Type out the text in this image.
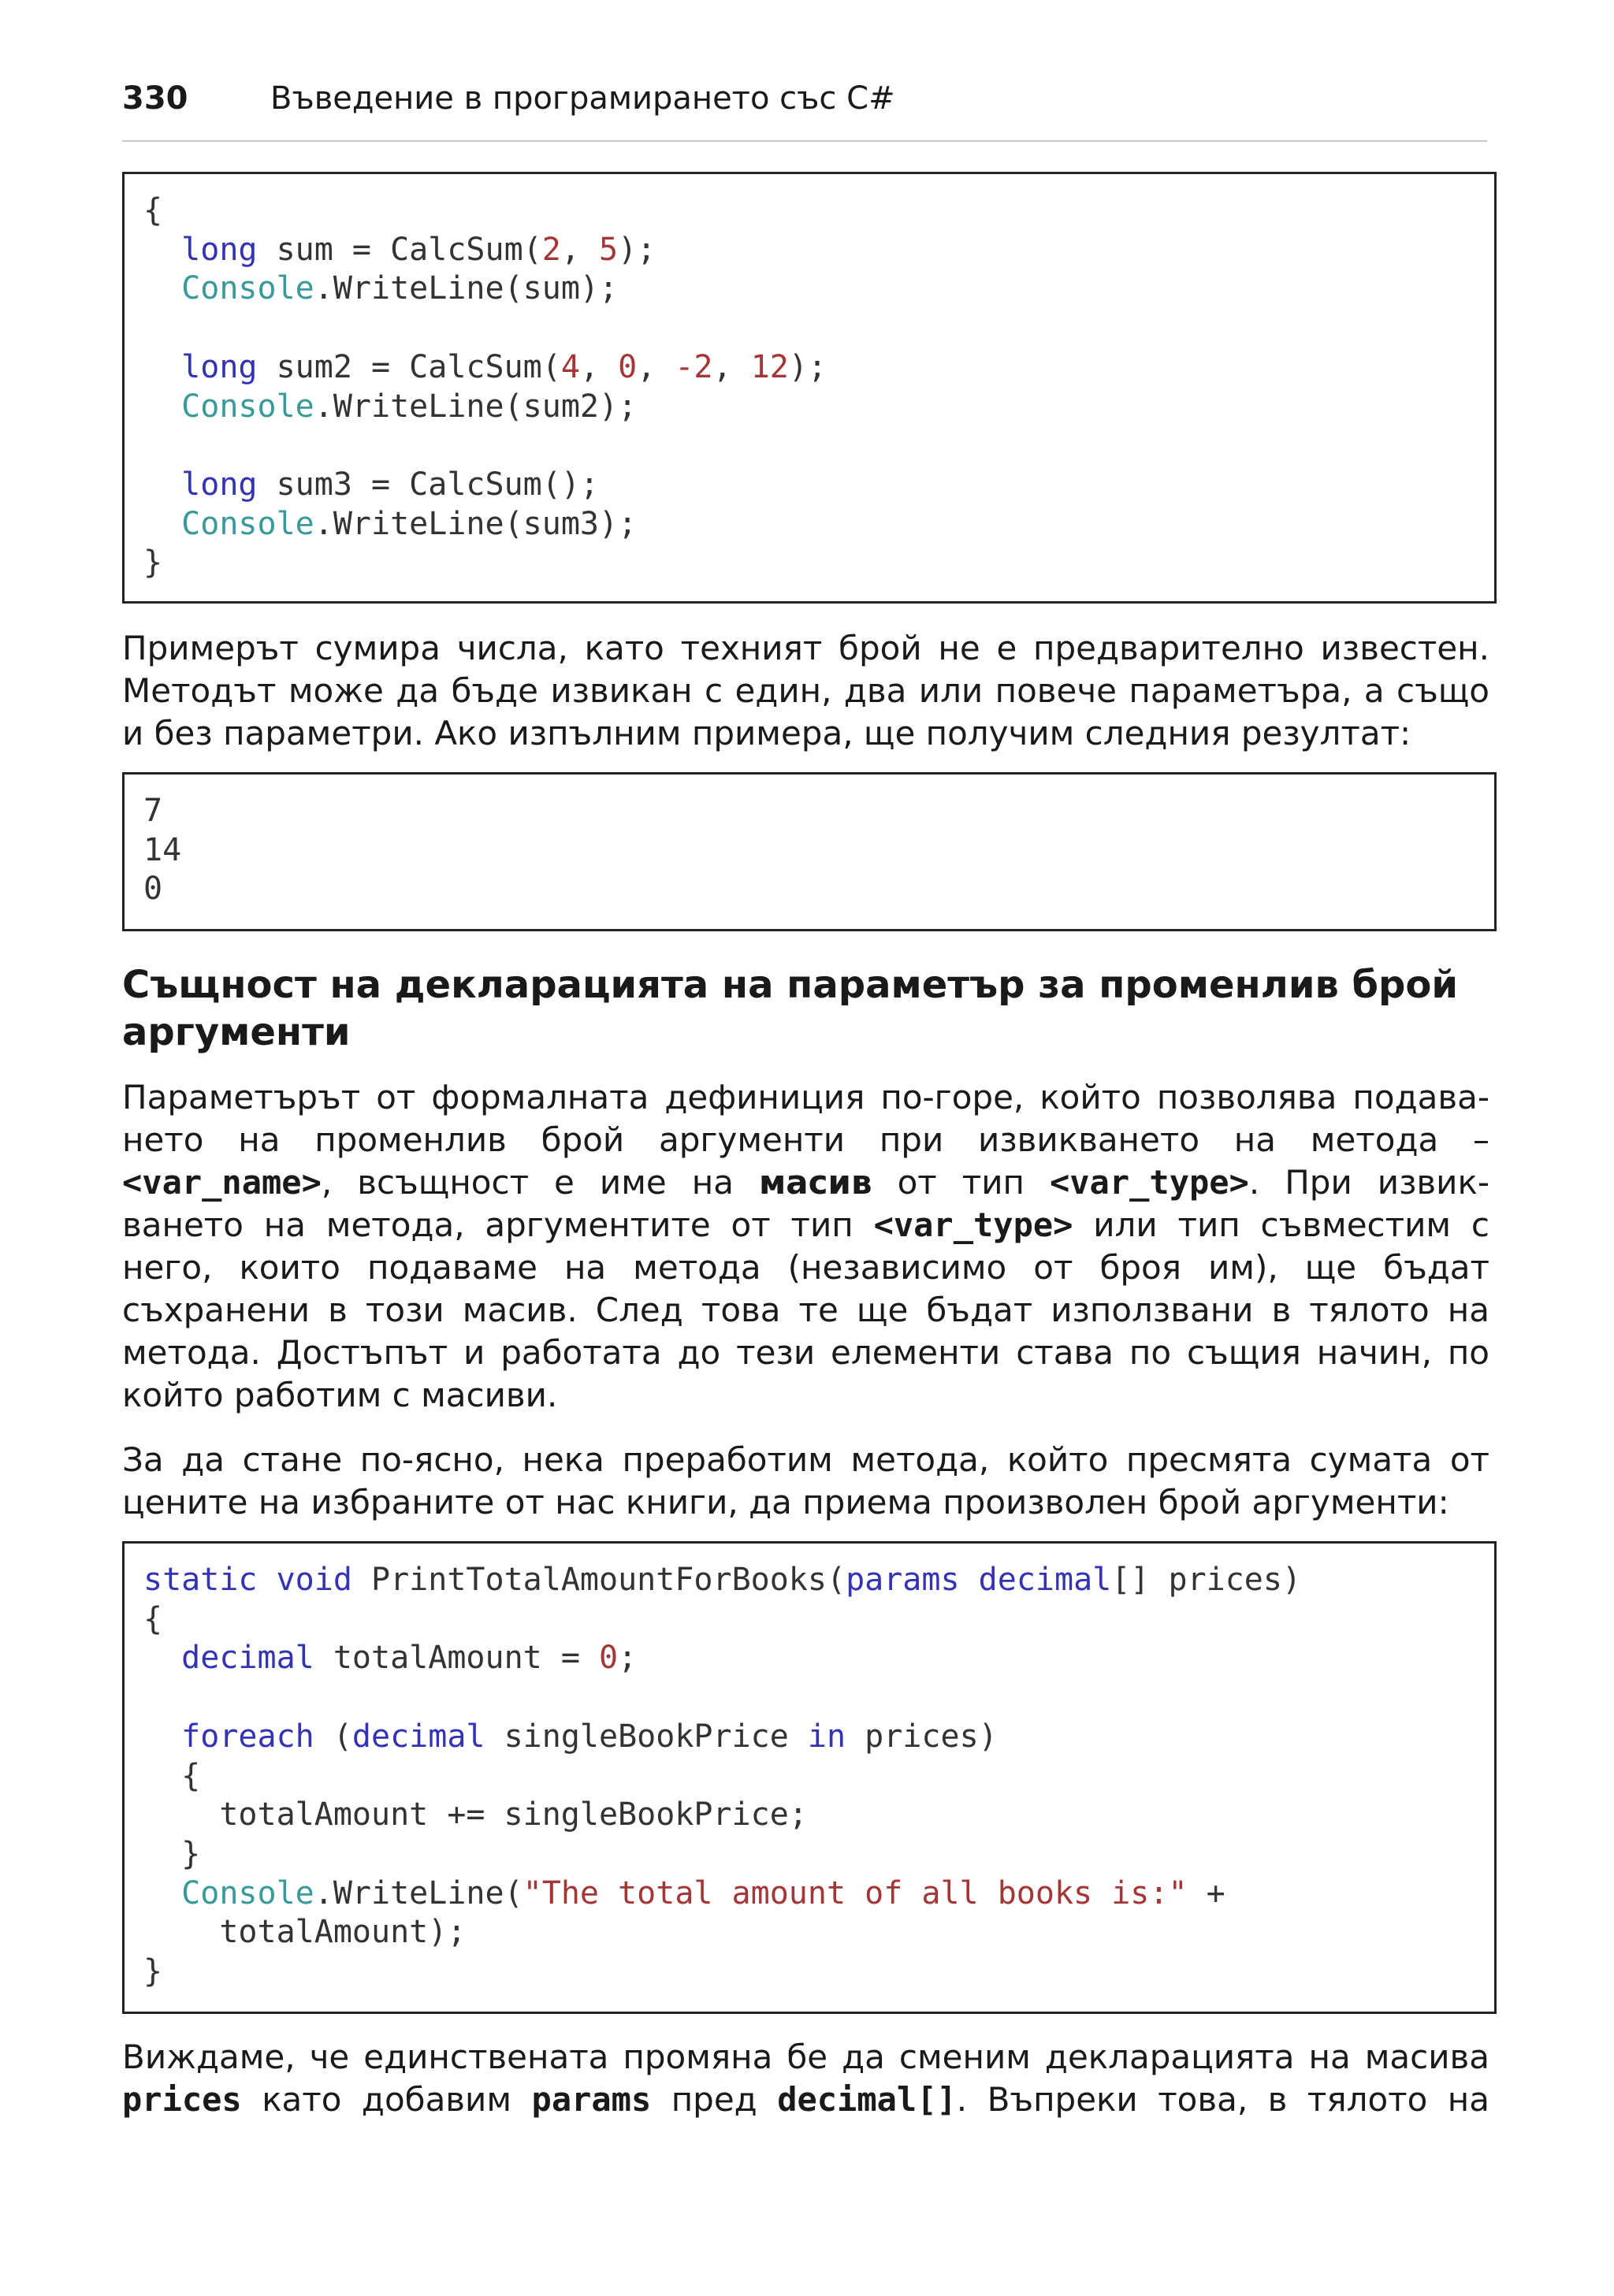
330	Въведение в програмирането със C#
{
long sum = CalcSum(2, 5);
Console.WriteLine(sum);

long sum2 = CalcSum(4, 0, -2, 12);
Console.WriteLine(sum2);

long sum3 = CalcSum();
Console.WriteLine(sum3);
}
Примерът сумира числа, като техният брой не е предварително известен.
Методът може да бъде извикан с един, два или повече параметъра, а също
и без параметри. Ако изпълним примера, ще получим следния резултат:
7
14
0
Същност на декларацията на параметър за променлив брой аргументи
Параметърът от формалната дефиниция по-горе, който позволява подава-
нето на променлив брой аргументи при извикването на метода –
<var_name>, всъщност е име на масив от тип <var_type>. При извик-
ването на метода, аргументите от тип <var_type> или тип съвместим с
него, които подаваме на метода (независимо от броя им), ще бъдат
съхранени в този масив. След това те ще бъдат използвани в тялото на
метода. Достъпът и работата до тези елементи става по същия начин, по
който работим с масиви.
За да стане по-ясно, нека преработим метода, който пресмята сумата от
цените на избраните от нас книги, да приема произволен брой аргументи:
static void PrintTotalAmountForBooks(params decimal[] prices)
{
decimal totalAmount = 0;

foreach (decimal singleBookPrice in prices)
{
totalAmount += singleBookPrice;
}
Console.WriteLine("The total amount of all books is:" +
totalAmount);
}
Виждаме, че единствената промяна бе да сменим декларацията на масива
prices като добавим params пред decimal[]. Въпреки това, в тялото на
